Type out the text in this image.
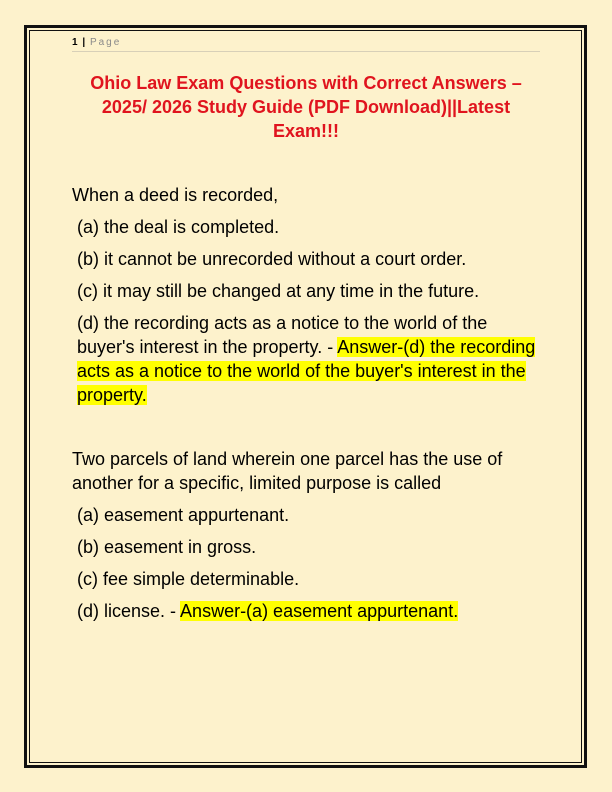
1 | Page
Ohio Law Exam Questions with Correct Answers – 2025/ 2026 Study Guide (PDF Download)||Latest Exam!!!

When a deed is recorded,

(a) the deal is completed.

(b) it cannot be unrecorded without a court order.

(c) it may still be changed at any time in the future.

(d) the recording acts as a notice to the world of the buyer's interest in the property. - Answer-(d) the recording acts as a notice to the world of the buyer's interest in the property.

Two parcels of land wherein one parcel has the use of another for a specific, limited purpose is called

(a) easement appurtenant.

(b) easement in gross.

(c) fee simple determinable.

(d) license. - Answer-(a) easement appurtenant.
